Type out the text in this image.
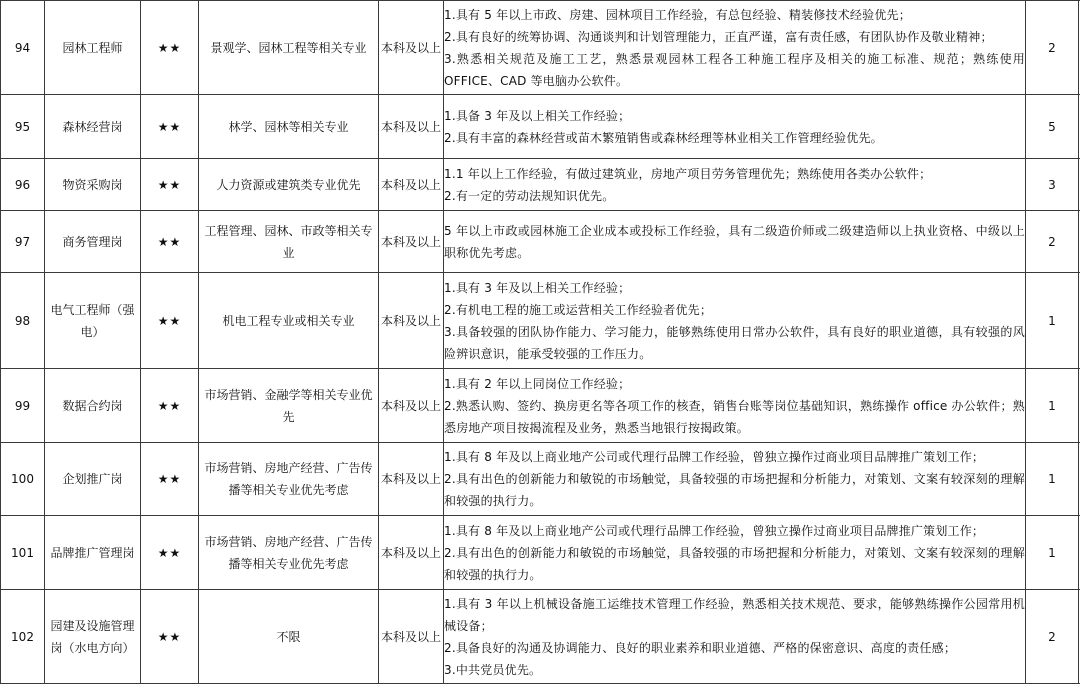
94	园林工程师	★★	景观学、园林工程等相关专业	本科及以上	1.具有 5 年以上市政、房建、园林项目工作经验，有总包经验、精装修技术经验优先；
2.具有良好的统筹协调、沟通谈判和计划管理能力，正直严谨，富有责任感，有团队协作及敬业精神；
3.熟悉相关规范及施工工艺，熟悉景观园林工程各工种施工程序及相关的施工标准、规范；熟练使用 OFFICE、CAD 等电脑办公软件。	2	

95	森林经营岗	★★	林学、园林等相关专业	本科及以上	1.具备 3 年及以上相关工作经验；
2.具有丰富的森林经营或苗木繁殖销售或森林经理等林业相关工作管理经验优先。	5	

96	物资采购岗	★★	人力资源或建筑类专业优先	本科及以上	1.1 年以上工作经验，有做过建筑业，房地产项目劳务管理优先；熟练使用各类办公软件；
2.有一定的劳动法规知识优先。	3	

97	商务管理岗	★★	工程管理、园林、市政等相关专业	本科及以上	5 年以上市政或园林施工企业成本或投标工作经验，具有二级造价师或二级建造师以上执业资格、中级以上职称优先考虑。	2	

98	电气工程师（强电）	★★	机电工程专业或相关专业	本科及以上	1.具有 3 年及以上相关工作经验；
2.有机电工程的施工或运营相关工作经验者优先；
3.具备较强的团队协作能力、学习能力，能够熟练使用日常办公软件，具有良好的职业道德，具有较强的风险辨识意识，能承受较强的工作压力。	1	

99	数据合约岗	★★	市场营销、金融学等相关专业优先	本科及以上	1.具有 2 年以上同岗位工作经验；
2.熟悉认购、签约、换房更名等各项工作的核查，销售台账等岗位基础知识，熟练操作 office 办公软件；熟悉房地产项目按揭流程及业务，熟悉当地银行按揭政策。	1	

100	企划推广岗	★★	市场营销、房地产经营、广告传播等相关专业优先考虑	本科及以上	1.具有 8 年及以上商业地产公司或代理行品牌工作经验，曾独立操作过商业项目品牌推广策划工作；
2.具有出色的创新能力和敏锐的市场触觉，具备较强的市场把握和分析能力，对策划、文案有较深刻的理解和较强的执行力。	1	

101	品牌推广管理岗	★★	市场营销、房地产经营、广告传播等相关专业优先考虑	本科及以上	1.具有 8 年及以上商业地产公司或代理行品牌工作经验，曾独立操作过商业项目品牌推广策划工作；
2.具有出色的创新能力和敏锐的市场触觉，具备较强的市场把握和分析能力，对策划、文案有较深刻的理解和较强的执行力。	1	

102	园建及设施管理岗（水电方向）	★★	不限	本科及以上	1.具有 3 年以上机械设备施工运维技术管理工作经验，熟悉相关技术规范、要求，能够熟练操作公园常用机械设备；
2.具备良好的沟通及协调能力、良好的职业素养和职业道德、严格的保密意识、高度的责任感；
3.中共党员优先。	2	
